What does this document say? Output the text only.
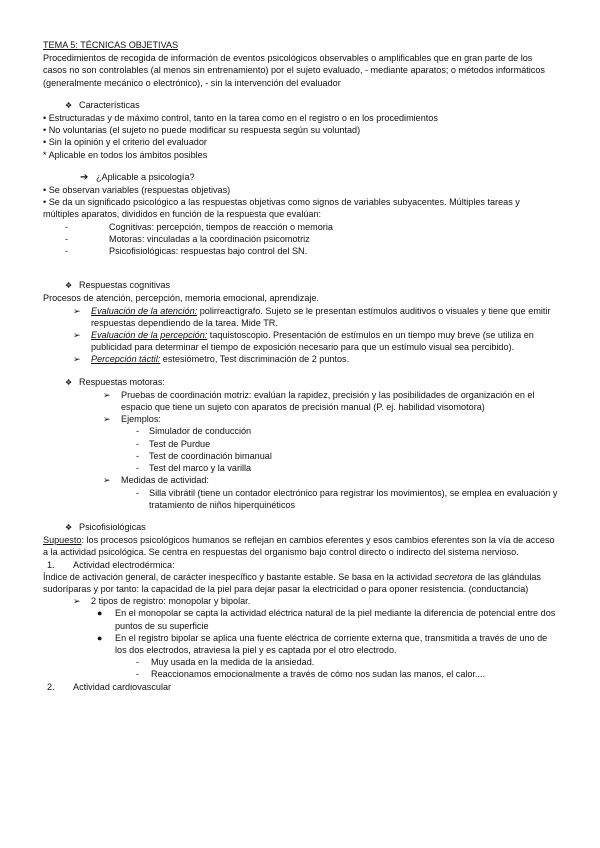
TEMA 5: TÉCNICAS OBJETIVAS

Procedimientos de recogida de información de eventos psicológicos observables o amplificables que en gran parte de los casos no son controlables (al menos sin entrenamiento) por el sujeto evaluado, - mediante aparatos; o métodos informáticos (generalmente mecánico o electrónico), - sin la intervención del evaluador

❖ Características

• Estructuradas y de máximo control, tanto en la tarea como en el registro o en los procedimientos

• No voluntarias (el sujeto no puede modificar su respuesta según su voluntad)

• Sin la opinión y el criterio del evaluador

* Aplicable en todos los ámbitos posibles

➔ ¿Aplicable a psicología?

• Se observan variables (respuestas objetivas)

• Se da un significado psicológico a las respuestas objetivas como signos de variables subyacentes. Múltiples tareas y múltiples aparatos, divididos en función de la respuesta que evalúan:

-	Cognitivas: percepción, tiempos de reacción o memoria

-	Motoras: vinculadas a la coordinación psicomotriz

-	Psicofisiológicas: respuestas bajo control del SN.

❖ Respuestas cognitivas

Procesos de atención, percepción, memoria emocional, aprendizaje.

➢ Evaluación de la atención: polirreactígrafo. Sujeto se le presentan estímulos auditivos o visuales y tiene que emitir respuestas dependiendo de la tarea. Mide TR.

➢ Evaluación de la percepción: taquistoscopio. Presentación de estímulos en un tiempo muy breve (se utiliza en publicidad para determinar el tiempo de exposición necesario para que un estímulo visual sea percibido).

➢ Percepción táctil: estesiómetro, Test discriminación de 2 puntos.

❖ Respuestas motoras:

➢ Pruebas de coordinación motriz: evalúan la rapidez, precisión y las posibilidades de organización en el espacio que tiene un sujeto con aparatos de precisión manual (P. ej. habilidad visomotora)

➢ Ejemplos:

- Simulador de conducción

- Test de Purdue

- Test de coordinación bimanual

- Test del marco y la varilla

➢ Medidas de actividad:

- Silla vibrátil (tiene un contador electrónico para registrar los movimientos), se emplea en evaluación y tratamiento de niños hiperquinéticos

❖ Psicofisiológicas

Supuesto: los procesos psicológicos humanos se reflejan en cambios eferentes y esos cambios eferentes son la vía de acceso a la actividad psicológica. Se centra en respuestas del organismo bajo control directo o indirecto del sistema nervioso.

1. Actividad electrodérmica:

Índice de activación general, de carácter inespecífico y bastante estable. Se basa en la actividad secretora de las glándulas sudoríparas y por tanto: la capacidad de la piel para dejar pasar la electricidad o para oponer resistencia. (conductancia)

➢ 2 tipos de registro: monopolar y bipolar.

● En el monopolar se capta la actividad eléctrica natural de la piel mediante la diferencia de potencial entre dos puntos de su superficie

● En el registro bipolar se aplica una fuente eléctrica de corriente externa que, transmitida a través de uno de los dos electrodos, atraviesa la piel y es captada por el otro electrodo.

- Muy usada en la medida de la ansiedad.

- Reaccionamos emocionalmente a través de cómo nos sudan las manos, el calor....

2. Actividad cardiovascular
